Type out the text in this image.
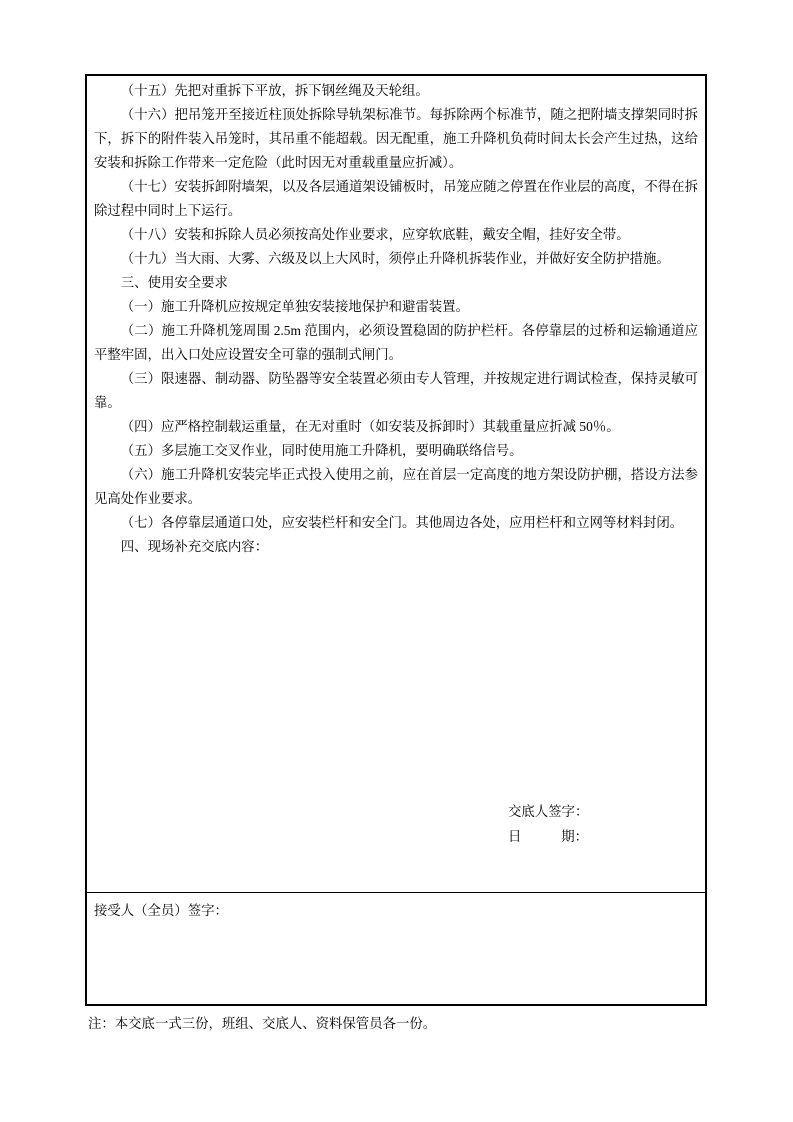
（十五）先把对重拆下平放，拆下钢丝绳及天轮组。

（十六）把吊笼开至接近柱顶处拆除导轨架标准节。每拆除两个标准节，随之把附墙支撑架同时拆下，拆下的附件装入吊笼时，其吊重不能超载。因无配重，施工升降机负荷时间太长会产生过热，这给安装和拆除工作带来一定危险（此时因无对重载重量应折减）。

（十七）安装拆卸附墙架，以及各层通道架设铺板时，吊笼应随之停置在作业层的高度，不得在拆除过程中同时上下运行。

（十八）安装和拆除人员必须按高处作业要求，应穿软底鞋，戴安全帽，挂好安全带。

（十九）当大雨、大雾、六级及以上大风时，须停止升降机拆装作业，并做好安全防护措施。

三、使用安全要求

（一）施工升降机应按规定单独安装接地保护和避雷装置。

（二）施工升降机笼周围 2.5m 范围内，必须设置稳固的防护栏杆。各停靠层的过桥和运输通道应平整牢固，出入口处应设置安全可靠的强制式闸门。

（三）限速器、制动器、防坠器等安全装置必须由专人管理，并按规定进行调试检查，保持灵敏可靠。

（四）应严格控制载运重量，在无对重时（如安装及拆卸时）其载重量应折减 50％。

（五）多层施工交叉作业，同时使用施工升降机，要明确联络信号。

（六）施工升降机安装完毕正式投入使用之前，应在首层一定高度的地方架设防护棚，搭设方法参见高处作业要求。

（七）各停靠层通道口处，应安装栏杆和安全门。其他周边各处，应用栏杆和立网等材料封闭。

四、现场补充交底内容：

交底人签字：
日	期：
接受人（全员）签字：
注：本交底一式三份，班组、交底人、资料保管员各一份。
